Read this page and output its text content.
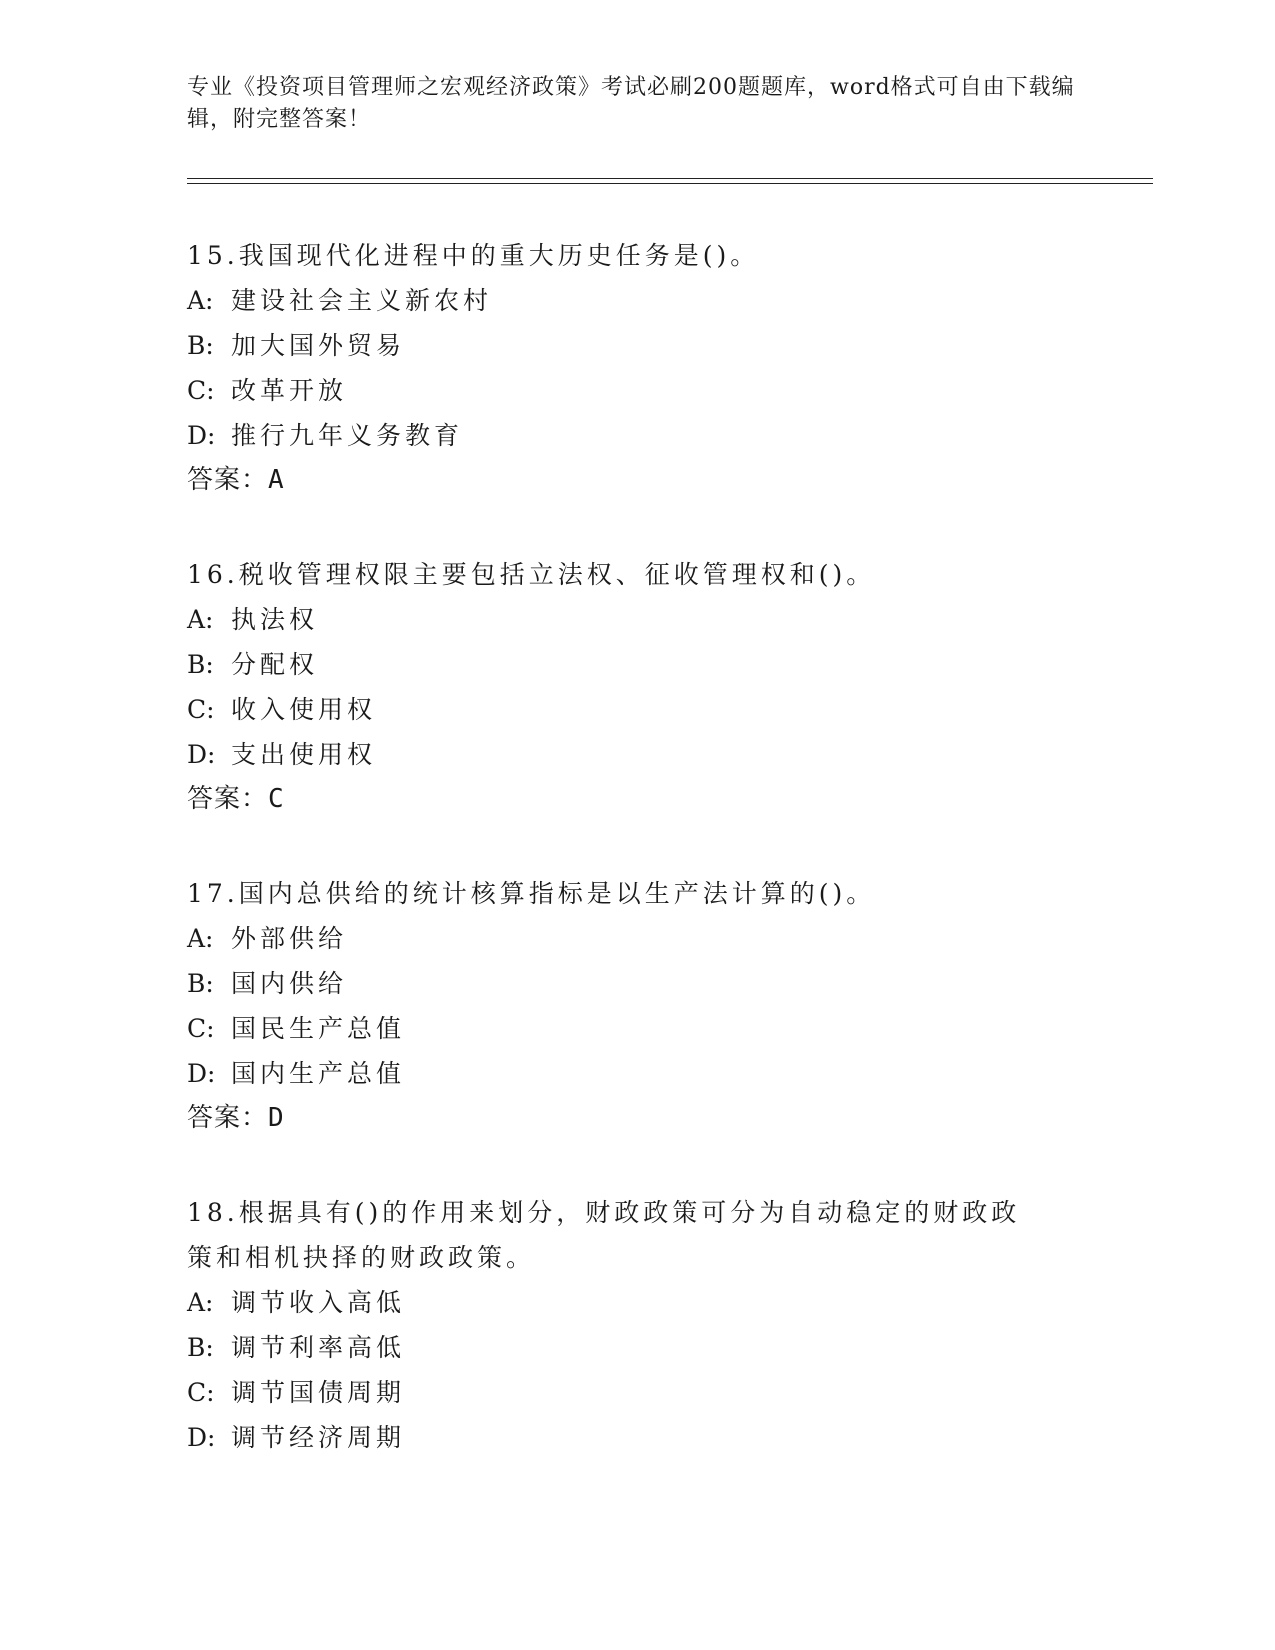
专业《投资项目管理师之宏观经济政策》考试必刷200题题库，word格式可自由下载编辑，附完整答案！

15.我国现代化进程中的重大历史任务是()。

A: 建设社会主义新农村
B: 加大国外贸易
C: 改革开放
D: 推行九年义务教育
答案：A

16.税收管理权限主要包括立法权、征收管理权和()。

A: 执法权
B: 分配权
C: 收入使用权
D: 支出使用权
答案：C

17.国内总供给的统计核算指标是以生产法计算的()。

A: 外部供给
B: 国内供给
C: 国民生产总值
D: 国内生产总值
答案：D

18.根据具有()的作用来划分，财政政策可分为自动稳定的财政政策和相机抉择的财政政策。

A: 调节收入高低
B: 调节利率高低
C: 调节国债周期
D: 调节经济周期
